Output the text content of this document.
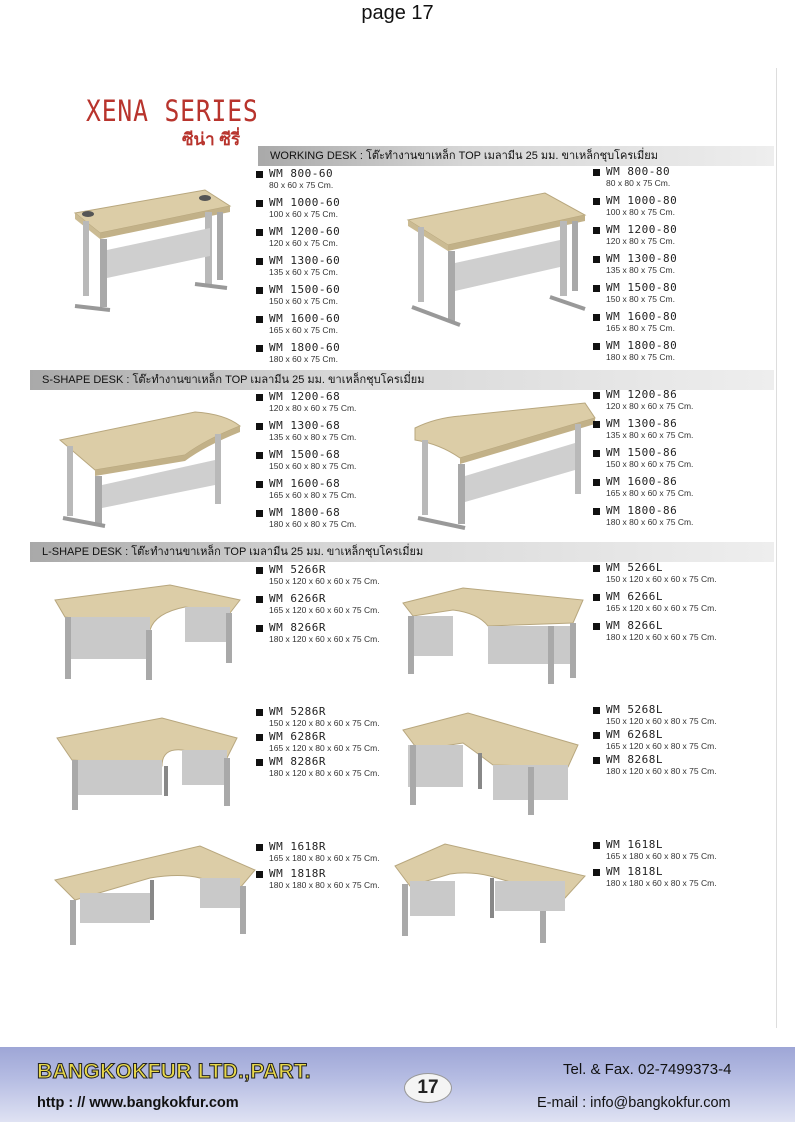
page 17
XENA SERIES
ซีน่า ซีรี่
WORKING DESK : โต๊ะทำงานขาเหล็ก TOP เมลามีน 25 มม. ขาเหล็กชุบโครเมี่ยม
S-SHAPE DESK : โต๊ะทำงานขาเหล็ก TOP เมลามีน 25 มม. ขาเหล็กชุบโครเมี่ยม
L-SHAPE DESK : โต๊ะทำงานขาเหล็ก TOP เมลามีน 25 มม. ขาเหล็กชุบโครเมี่ยม
WM 800-60
80 x 60 x 75 Cm.
WM 1000-60
100 x 60 x 75 Cm.
WM 1200-60
120 x 60 x 75 Cm.
WM 1300-60
135 x 60 x 75 Cm.
WM 1500-60
150 x 60 x 75 Cm.
WM 1600-60
165 x 60 x 75 Cm.
WM 1800-60
180 x 60 x 75 Cm.
WM 800-80
80 x 80 x 75 Cm.
WM 1000-80
100 x 80 x 75 Cm.
WM 1200-80
120 x 80 x 75 Cm.
WM 1300-80
135 x 80 x 75 Cm.
WM 1500-80
150 x 80 x 75 Cm.
WM 1600-80
165 x 80 x 75 Cm.
WM 1800-80
180 x 80 x 75 Cm.
WM 1200-68
120 x 80 x 60 x 75 Cm.
WM 1300-68
135 x 60 x 80 x 75 Cm.
WM 1500-68
150 x 60 x 80 x 75 Cm.
WM 1600-68
165 x 60 x 80 x 75 Cm.
WM 1800-68
180 x 60 x 80 x 75 Cm.
WM 1200-86
120 x 80 x 60 x 75 Cm.
WM 1300-86
135 x 80 x 60 x 75 Cm.
WM 1500-86
150 x 80 x 60 x 75 Cm.
WM 1600-86
165 x 80 x 60 x 75 Cm.
WM 1800-86
180 x 80 x 60 x 75 Cm.
WM 5266R
150 x 120 x 60 x 60 x 75 Cm.
WM 6266R
165 x 120 x 60 x 60 x 75 Cm.
WM 8266R
180 x 120 x 60 x 60 x 75 Cm.
WM 5266L
150 x 120 x 60 x 60 x 75 Cm.
WM 6266L
165 x 120 x 60 x 60 x 75 Cm.
WM 8266L
180 x 120 x 60 x 60 x 75 Cm.
WM 5286R
150 x 120 x 80 x 60 x 75 Cm.
WM 6286R
165 x 120 x 80 x 60 x 75 Cm.
WM 8286R
180 x 120 x 80 x 60 x 75 Cm.
WM 5268L
150 x 120 x 60 x 80 x 75 Cm.
WM 6268L
165 x 120 x 60 x 80 x 75 Cm.
WM 8268L
180 x 120 x 60 x 80 x 75 Cm.
WM 1618R
165 x 180 x 80 x 60 x 75 Cm.
WM 1818R
180 x 180 x 80 x 60 x 75 Cm.
WM 1618L
165 x 180 x 60 x 80 x 75 Cm.
WM 1818L
180 x 180 x 60 x 80 x 75 Cm.
BANGKOKFUR LTD.,PART.
17
http : // www.bangkokfur.com
Tel. & Fax. 02-7499373-4
E-mail : info@bangkokfur.com
